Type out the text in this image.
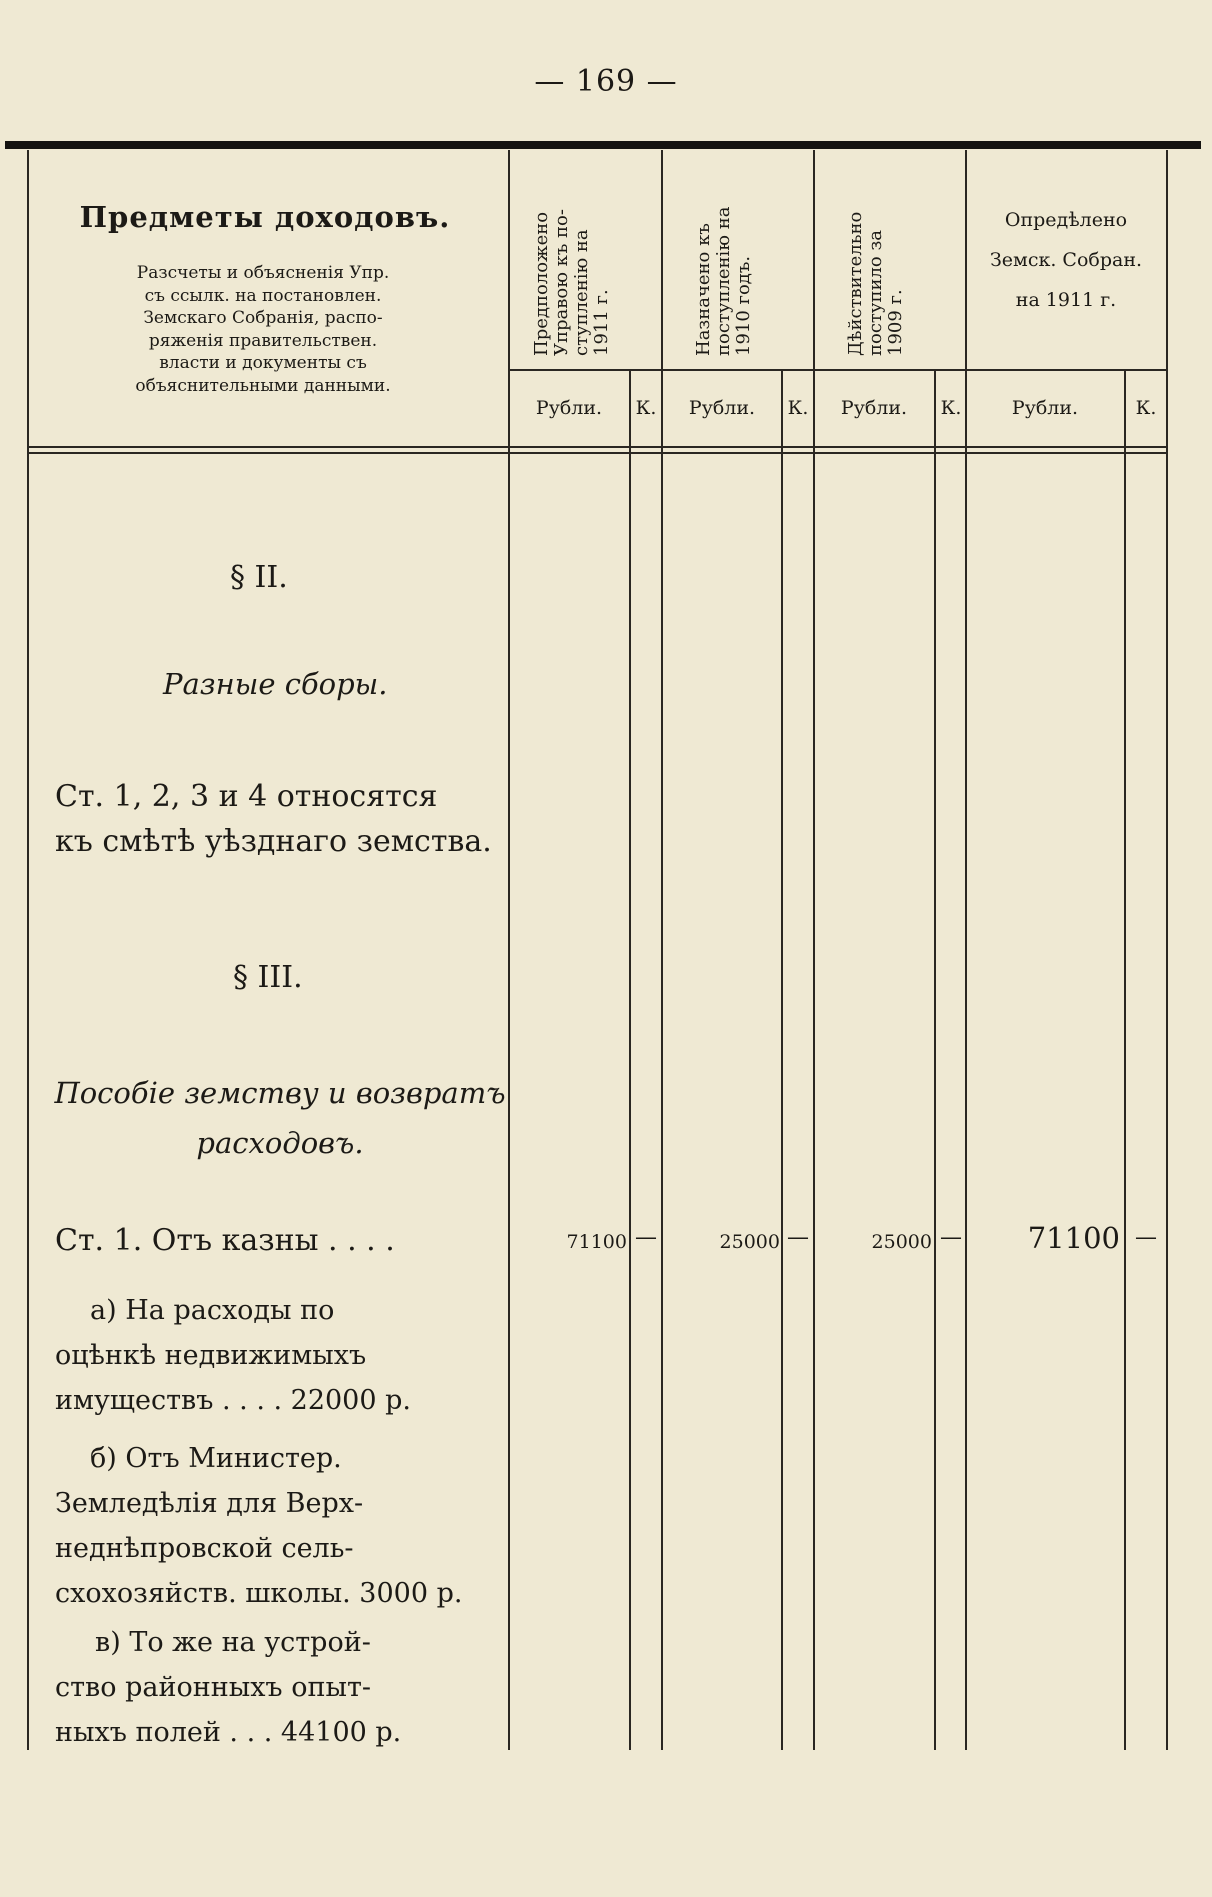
— 169 —
Предметы доходовъ.
Разсчеты и объясненія Упр.
съ ссылк. на постановлен.
Земскаго Собранія, распо-
ряженія правительствен.
власти и документы съ
объяснительными данными.
Предположено Управою къ по- ступленію на 1911 г.	Назначено къ поступленію на 1910 годъ.	Дѣйствительно поступило за 1909 г.
Опредѣлено
Земск. Собран.
на 1911 г.
Рубли.	К.	Рубли.	К.	Рубли.	К.	Рубли.	К.
§ II.
Разные сборы.
Ст. 1, 2, 3 и 4 относятся
къ смѣтѣ уѣзднаго земства.
§ III.
Пособіе земству и возвратъ
расходовъ.
Ст. 1. Отъ казны . . . .	71100 —	25000 —	25000 —	71100 —
а) На расходы по
оцѣнкѣ недвижимыхъ
имуществъ . . . . 22000 р.
б) Отъ Министер.
Земледѣлія для Верх-
неднѣпровской сель-
схохозяйств. школы. 3000 р.
в) То же на устрой-
ство районныхъ опыт-
ныхъ полей . . . 44100 р.
